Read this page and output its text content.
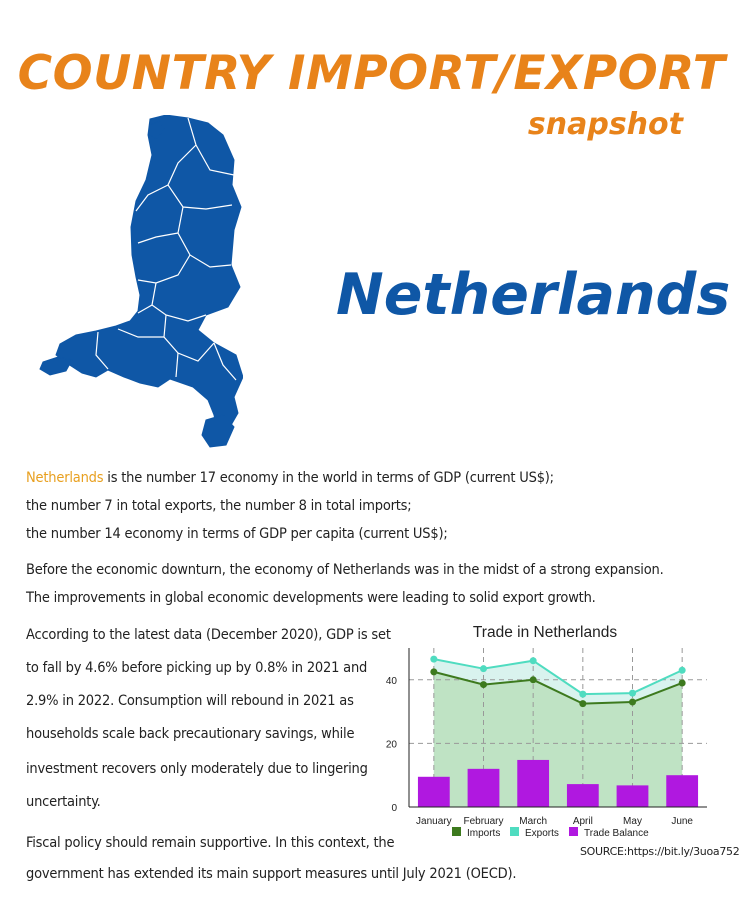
COUNTRY IMPORT/EXPORT
snapshot
Netherlands
Netherlands is the number 17 economy in the world in terms of GDP (current US$);
the number 7 in total exports, the number 8 in total imports;
the number 14 economy in terms of GDP per capita (current US$);
Before the economic downturn, the economy of Netherlands was in the midst of a strong expansion.
The improvements in global economic developments were leading to solid export growth.
According to the latest data (December 2020), GDP is set
to fall by 4.6% before picking up by 0.8% in 2021 and
2.9% in 2022. Consumption will rebound in 2021 as
households scale back precautionary savings, while
investment recovers only moderately due to lingering
uncertainty.
Fiscal policy should remain supportive. In this context, the
government has extended its main support measures until July 2021 (OECD).
Trade in Netherlands
0
20
40
January February March	April	May	June
Imports Exports	Trade Balance
SOURCE:https://bit.ly/3uoa752
